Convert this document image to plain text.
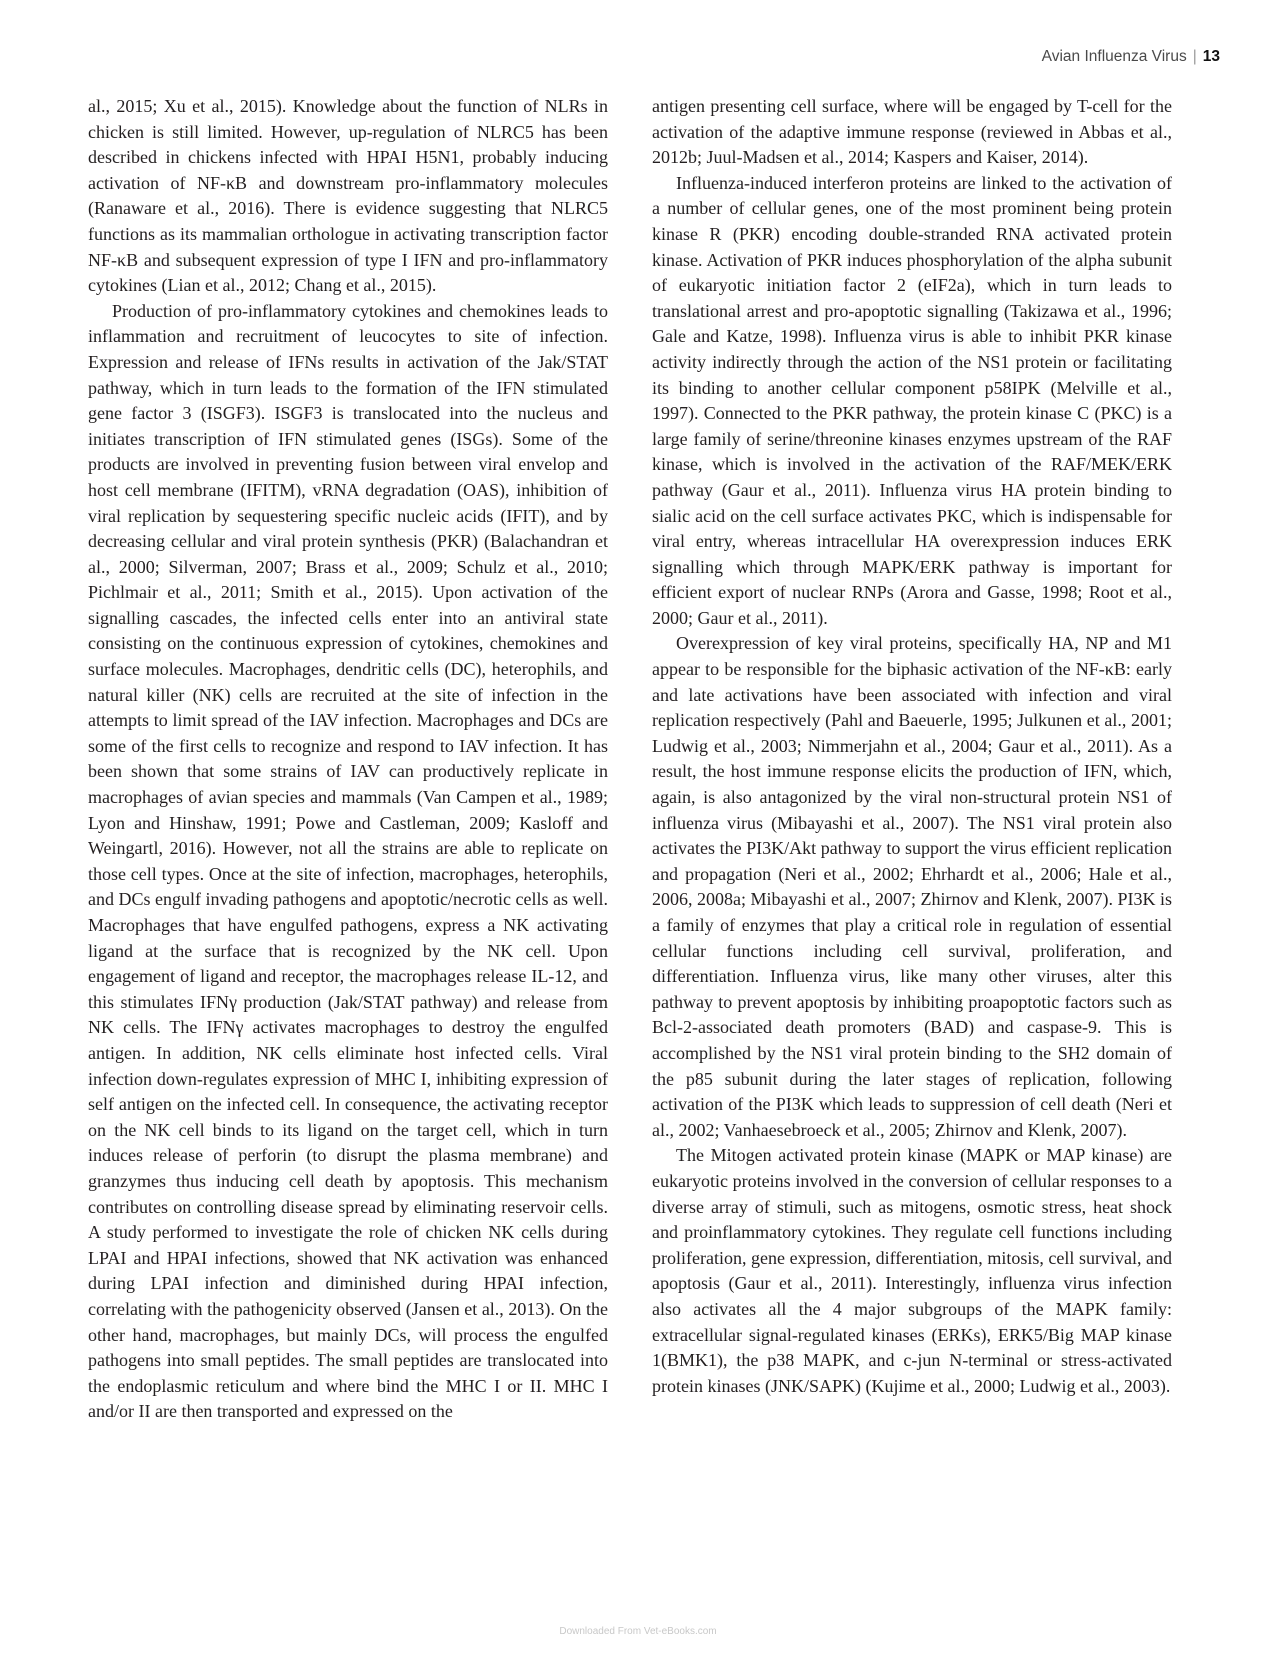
Avian Influenza Virus | 13

al., 2015; Xu et al., 2015). Knowledge about the function of NLRs in chicken is still limited. However, up-regulation of NLRC5 has been described in chickens infected with HPAI H5N1, probably inducing activation of NF-κB and downstream pro-inflammatory molecules (Ranaware et al., 2016). There is evidence suggesting that NLRC5 functions as its mammalian orthologue in activating transcription factor NF-κB and subsequent expression of type I IFN and pro-inflammatory cytokines (Lian et al., 2012; Chang et al., 2015).

Production of pro-inflammatory cytokines and chemokines leads to inflammation and recruitment of leucocytes to site of infection. Expression and release of IFNs results in activation of the Jak/STAT pathway, which in turn leads to the formation of the IFN stimulated gene factor 3 (ISGF3). ISGF3 is translocated into the nucleus and initiates transcription of IFN stimulated genes (ISGs). Some of the products are involved in preventing fusion between viral envelop and host cell membrane (IFITM), vRNA degradation (OAS), inhibition of viral replication by sequestering specific nucleic acids (IFIT), and by decreasing cellular and viral protein synthesis (PKR) (Balachandran et al., 2000; Silverman, 2007; Brass et al., 2009; Schulz et al., 2010; Pichlmair et al., 2011; Smith et al., 2015). Upon activation of the signalling cascades, the infected cells enter into an antiviral state consisting on the continuous expression of cytokines, chemokines and surface molecules. Macrophages, dendritic cells (DC), heterophils, and natural killer (NK) cells are recruited at the site of infection in the attempts to limit spread of the IAV infection. Macrophages and DCs are some of the first cells to recognize and respond to IAV infection. It has been shown that some strains of IAV can productively replicate in macrophages of avian species and mammals (Van Campen et al., 1989; Lyon and Hinshaw, 1991; Powe and Castleman, 2009; Kasloff and Weingartl, 2016). However, not all the strains are able to replicate on those cell types. Once at the site of infection, macrophages, heterophils, and DCs engulf invading pathogens and apoptotic/necrotic cells as well. Macrophages that have engulfed pathogens, express a NK activating ligand at the surface that is recognized by the NK cell. Upon engagement of ligand and receptor, the macrophages release IL-12, and this stimulates IFNγ production (Jak/STAT pathway) and release from NK cells. The IFNγ activates macrophages to destroy the engulfed antigen. In addition, NK cells eliminate host infected cells. Viral infection down-regulates expression of MHC I, inhibiting expression of self antigen on the infected cell. In consequence, the activating receptor on the NK cell binds to its ligand on the target cell, which in turn induces release of perforin (to disrupt the plasma membrane) and granzymes thus inducing cell death by apoptosis. This mechanism contributes on controlling disease spread by eliminating reservoir cells. A study performed to investigate the role of chicken NK cells during LPAI and HPAI infections, showed that NK activation was enhanced during LPAI infection and diminished during HPAI infection, correlating with the pathogenicity observed (Jansen et al., 2013). On the other hand, macrophages, but mainly DCs, will process the engulfed pathogens into small peptides. The small peptides are translocated into the endoplasmic reticulum and where bind the MHC I or II. MHC I and/or II are then transported and expressed on the

antigen presenting cell surface, where will be engaged by T-cell for the activation of the adaptive immune response (reviewed in Abbas et al., 2012b; Juul-Madsen et al., 2014; Kaspers and Kaiser, 2014).

Influenza-induced interferon proteins are linked to the activation of a number of cellular genes, one of the most prominent being protein kinase R (PKR) encoding double-stranded RNA activated protein kinase. Activation of PKR induces phosphorylation of the alpha subunit of eukaryotic initiation factor 2 (eIF2a), which in turn leads to translational arrest and pro-apoptotic signalling (Takizawa et al., 1996; Gale and Katze, 1998). Influenza virus is able to inhibit PKR kinase activity indirectly through the action of the NS1 protein or facilitating its binding to another cellular component p58IPK (Melville et al., 1997). Connected to the PKR pathway, the protein kinase C (PKC) is a large family of serine/threonine kinases enzymes upstream of the RAF kinase, which is involved in the activation of the RAF/MEK/ERK pathway (Gaur et al., 2011). Influenza virus HA protein binding to sialic acid on the cell surface activates PKC, which is indispensable for viral entry, whereas intracellular HA overexpression induces ERK signalling which through MAPK/ERK pathway is important for efficient export of nuclear RNPs (Arora and Gasse, 1998; Root et al., 2000; Gaur et al., 2011).

Overexpression of key viral proteins, specifically HA, NP and M1 appear to be responsible for the biphasic activation of the NF-κB: early and late activations have been associated with infection and viral replication respectively (Pahl and Baeuerle, 1995; Julkunen et al., 2001; Ludwig et al., 2003; Nimmerjahn et al., 2004; Gaur et al., 2011). As a result, the host immune response elicits the production of IFN, which, again, is also antagonized by the viral non-structural protein NS1 of influenza virus (Mibayashi et al., 2007). The NS1 viral protein also activates the PI3K/Akt pathway to support the virus efficient replication and propagation (Neri et al., 2002; Ehrhardt et al., 2006; Hale et al., 2006, 2008a; Mibayashi et al., 2007; Zhirnov and Klenk, 2007). PI3K is a family of enzymes that play a critical role in regulation of essential cellular functions including cell survival, proliferation, and differentiation. Influenza virus, like many other viruses, alter this pathway to prevent apoptosis by inhibiting proapoptotic factors such as Bcl-2-associated death promoters (BAD) and caspase-9. This is accomplished by the NS1 viral protein binding to the SH2 domain of the p85 subunit during the later stages of replication, following activation of the PI3K which leads to suppression of cell death (Neri et al., 2002; Vanhaesebroeck et al., 2005; Zhirnov and Klenk, 2007).

The Mitogen activated protein kinase (MAPK or MAP kinase) are eukaryotic proteins involved in the conversion of cellular responses to a diverse array of stimuli, such as mitogens, osmotic stress, heat shock and proinflammatory cytokines. They regulate cell functions including proliferation, gene expression, differentiation, mitosis, cell survival, and apoptosis (Gaur et al., 2011). Interestingly, influenza virus infection also activates all the 4 major subgroups of the MAPK family: extracellular signal-regulated kinases (ERKs), ERK5/Big MAP kinase 1(BMK1), the p38 MAPK, and c-jun N-terminal or stress-activated protein kinases (JNK/SAPK) (Kujime et al., 2000; Ludwig et al., 2003).

Downloaded From Vet-eBooks.com
